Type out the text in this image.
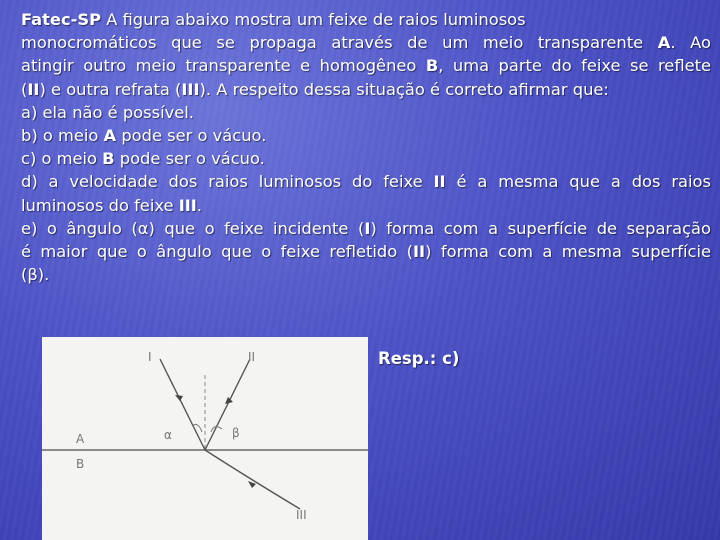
Fatec-SP A figura abaixo mostra um feixe de raios luminosos
monocromáticos que se propaga através de um meio transparente A. Ao
atingir outro meio transparente e homogêneo B, uma parte do feixe se reflete
(II) e outra refrata (III). A respeito dessa situação é correto afirmar que:
a) ela não é possível.
b) o meio A pode ser o vácuo.
c) o meio B pode ser o vácuo.
d) a velocidade dos raios luminosos do feixe II é a mesma que a dos raios
luminosos do feixe III.
e) o ângulo (α) que o feixe incidente (I) forma com a superfície de separação
é maior que o ângulo que o feixe refletido (II) forma com a mesma superfície
(β).
I	II
III
A
B
α	β
Resp.: c)
